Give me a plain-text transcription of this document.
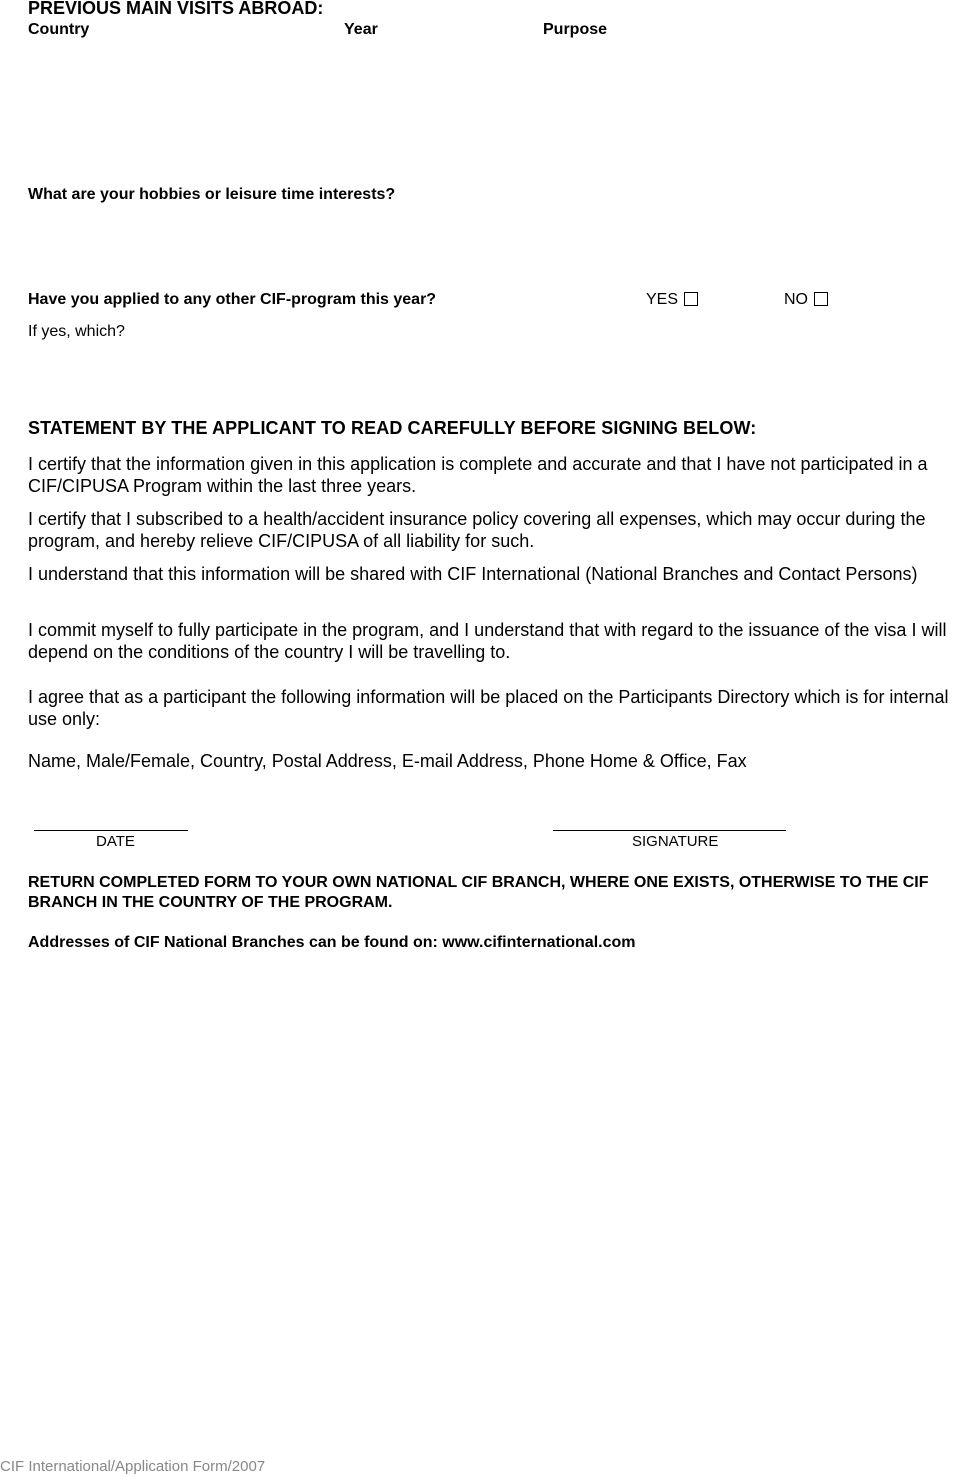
PREVIOUS MAIN VISITS ABROAD:
Country	Year	Purpose
What are your hobbies or leisure time interests?
Have you applied to any other CIF-program this year?	YES	NO
If yes, which?
STATEMENT BY THE APPLICANT TO READ CAREFULLY BEFORE SIGNING BELOW:
I certify that the information given in this application is complete and accurate and that I have not participated in a CIF/CIPUSA Program within the last three years.
I certify that I subscribed to a health/accident insurance policy covering all expenses, which may occur during the program, and hereby relieve CIF/CIPUSA of all liability for such.
I understand that this information will be shared with CIF International (National Branches and Contact Persons)
I commit myself to fully participate in the program, and I understand that with regard to the issuance of the visa I will depend on the conditions of the country I will be travelling to.
I agree that as a participant the following information will be placed on the Participants Directory which is for internal use only:
Name, Male/Female, Country, Postal Address, E-mail Address, Phone Home & Office, Fax
DATE	SIGNATURE
RETURN COMPLETED FORM TO YOUR OWN NATIONAL CIF BRANCH, WHERE ONE EXISTS, OTHERWISE TO THE CIF BRANCH IN THE COUNTRY OF THE PROGRAM.
Addresses of CIF National Branches can be found on: www.cifinternational.com
CIF International/Application Form/2007
